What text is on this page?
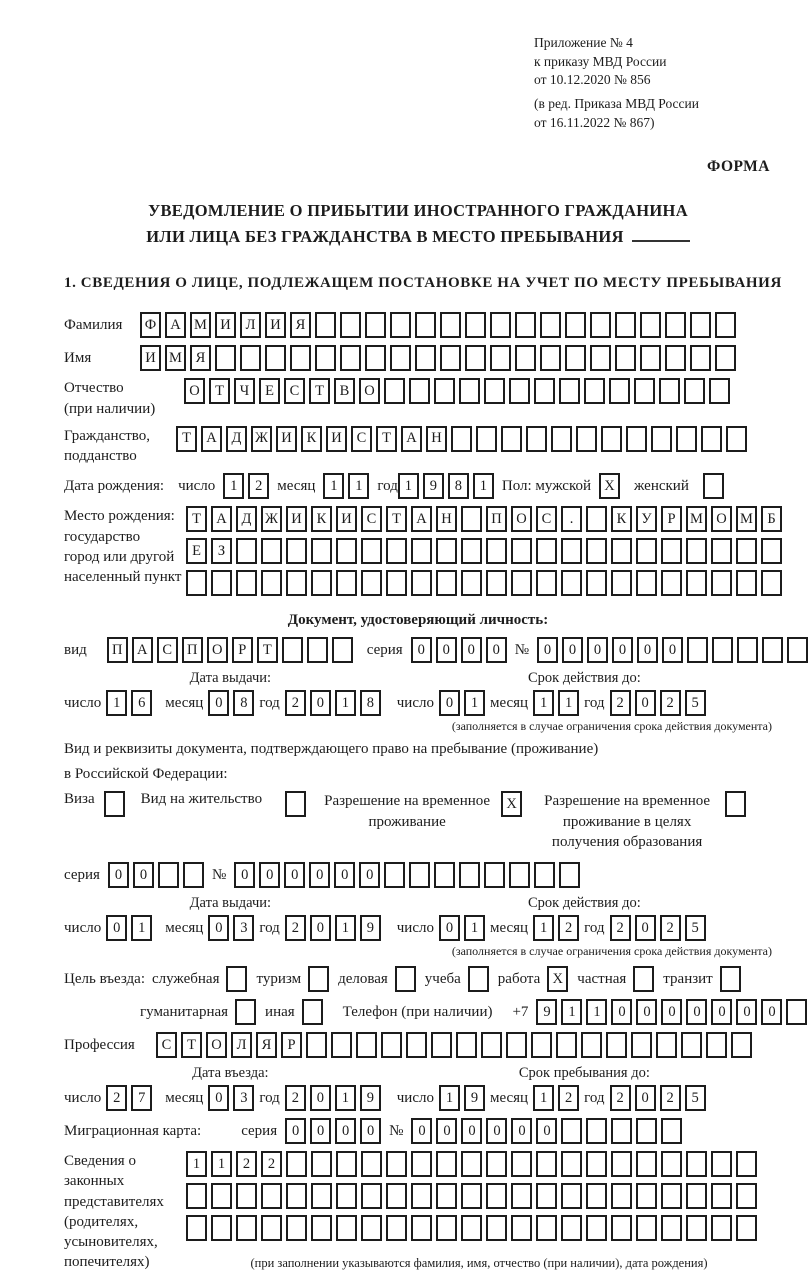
Приложение № 4
к приказу МВД России
от 10.12.2020 № 856
(в ред. Приказа МВД России
от 16.11.2022 № 867)
ФОРМА
УВЕДОМЛЕНИЕ О ПРИБЫТИИ ИНОСТРАННОГО ГРАЖДАНИНА
ИЛИ ЛИЦА БЕЗ ГРАЖДАНСТВА В МЕСТО ПРЕБЫВАНИЯ
1. СВЕДЕНИЯ О ЛИЦЕ, ПОДЛЕЖАЩЕМ ПОСТАНОВКЕ НА УЧЕТ ПО МЕСТУ ПРЕБЫВАНИЯ
Фамилия	Ф А М И	Л	И	Я
Имя	И М Я
Отчество
(при наличии)
О	Т	Ч	Е	С	Т	В	О
Гражданство,
подданство
Т	А	Д Ж И	К	И	С	Т	А	Н
Дата рождения: число	1	2 месяц	1	1 год 1	9	8	1 Пол: мужской X	женский
Место рождения:
государство
город или другой
населенный пункт
Т	А	Д Ж И	К	И	С	Т	А	Н	П	О	С	.	К	У	Р	М О М Б

Е	З

Документ, удостоверяющий личность:
вид	П	А	С	П	О	Р	Т	серия	0	0	0	0 №	0	0	0	0	0	0
Дата выдачи:
число 1	6	месяц 0	8 год 2	0	1	8
Срок действия до:
число 0	1 месяц 1	1 год 2	0	2	5
(заполняется в случае ограничения срока действия документа)
Вид и реквизиты документа, подтверждающего право на пребывание (проживание)
в Российской Федерации:
Виза	Вид на жительство	Разрешение на временное проживание
X	Разрешение на временное проживание в целях получения образования
серия	0	0	№	0	0	0	0	0	0
Дата выдачи:
число 0	1	месяц 0	3 год 2	0	1	9
Срок действия до:
число 0	1 месяц 1	2 год 2	0	2	5
(заполняется в случае ограничения срока действия документа)
Цель въезда: служебная туризм деловая учеба работа X частная транзит
гуманитарная иная	Телефон (при наличии) +7	9	1	1	0	0	0	0	0	0	0
Профессия	С	Т	О	Л	Я	Р
Дата въезда:
число 2	7	месяц 0	3 год 2	0	1	9
Срок пребывания до:
число 1	9 месяц 1	2 год 2	0	2	5
Миграционная карта:	серия	0	0	0	0 №	0	0	0	0	0	0
Сведения о
законных
представителях
(родителях,
усыновителях,
попечителях)
1	1	2	2

(при заполнении указываются фамилия, имя, отчество (при наличии), дата рождения)
